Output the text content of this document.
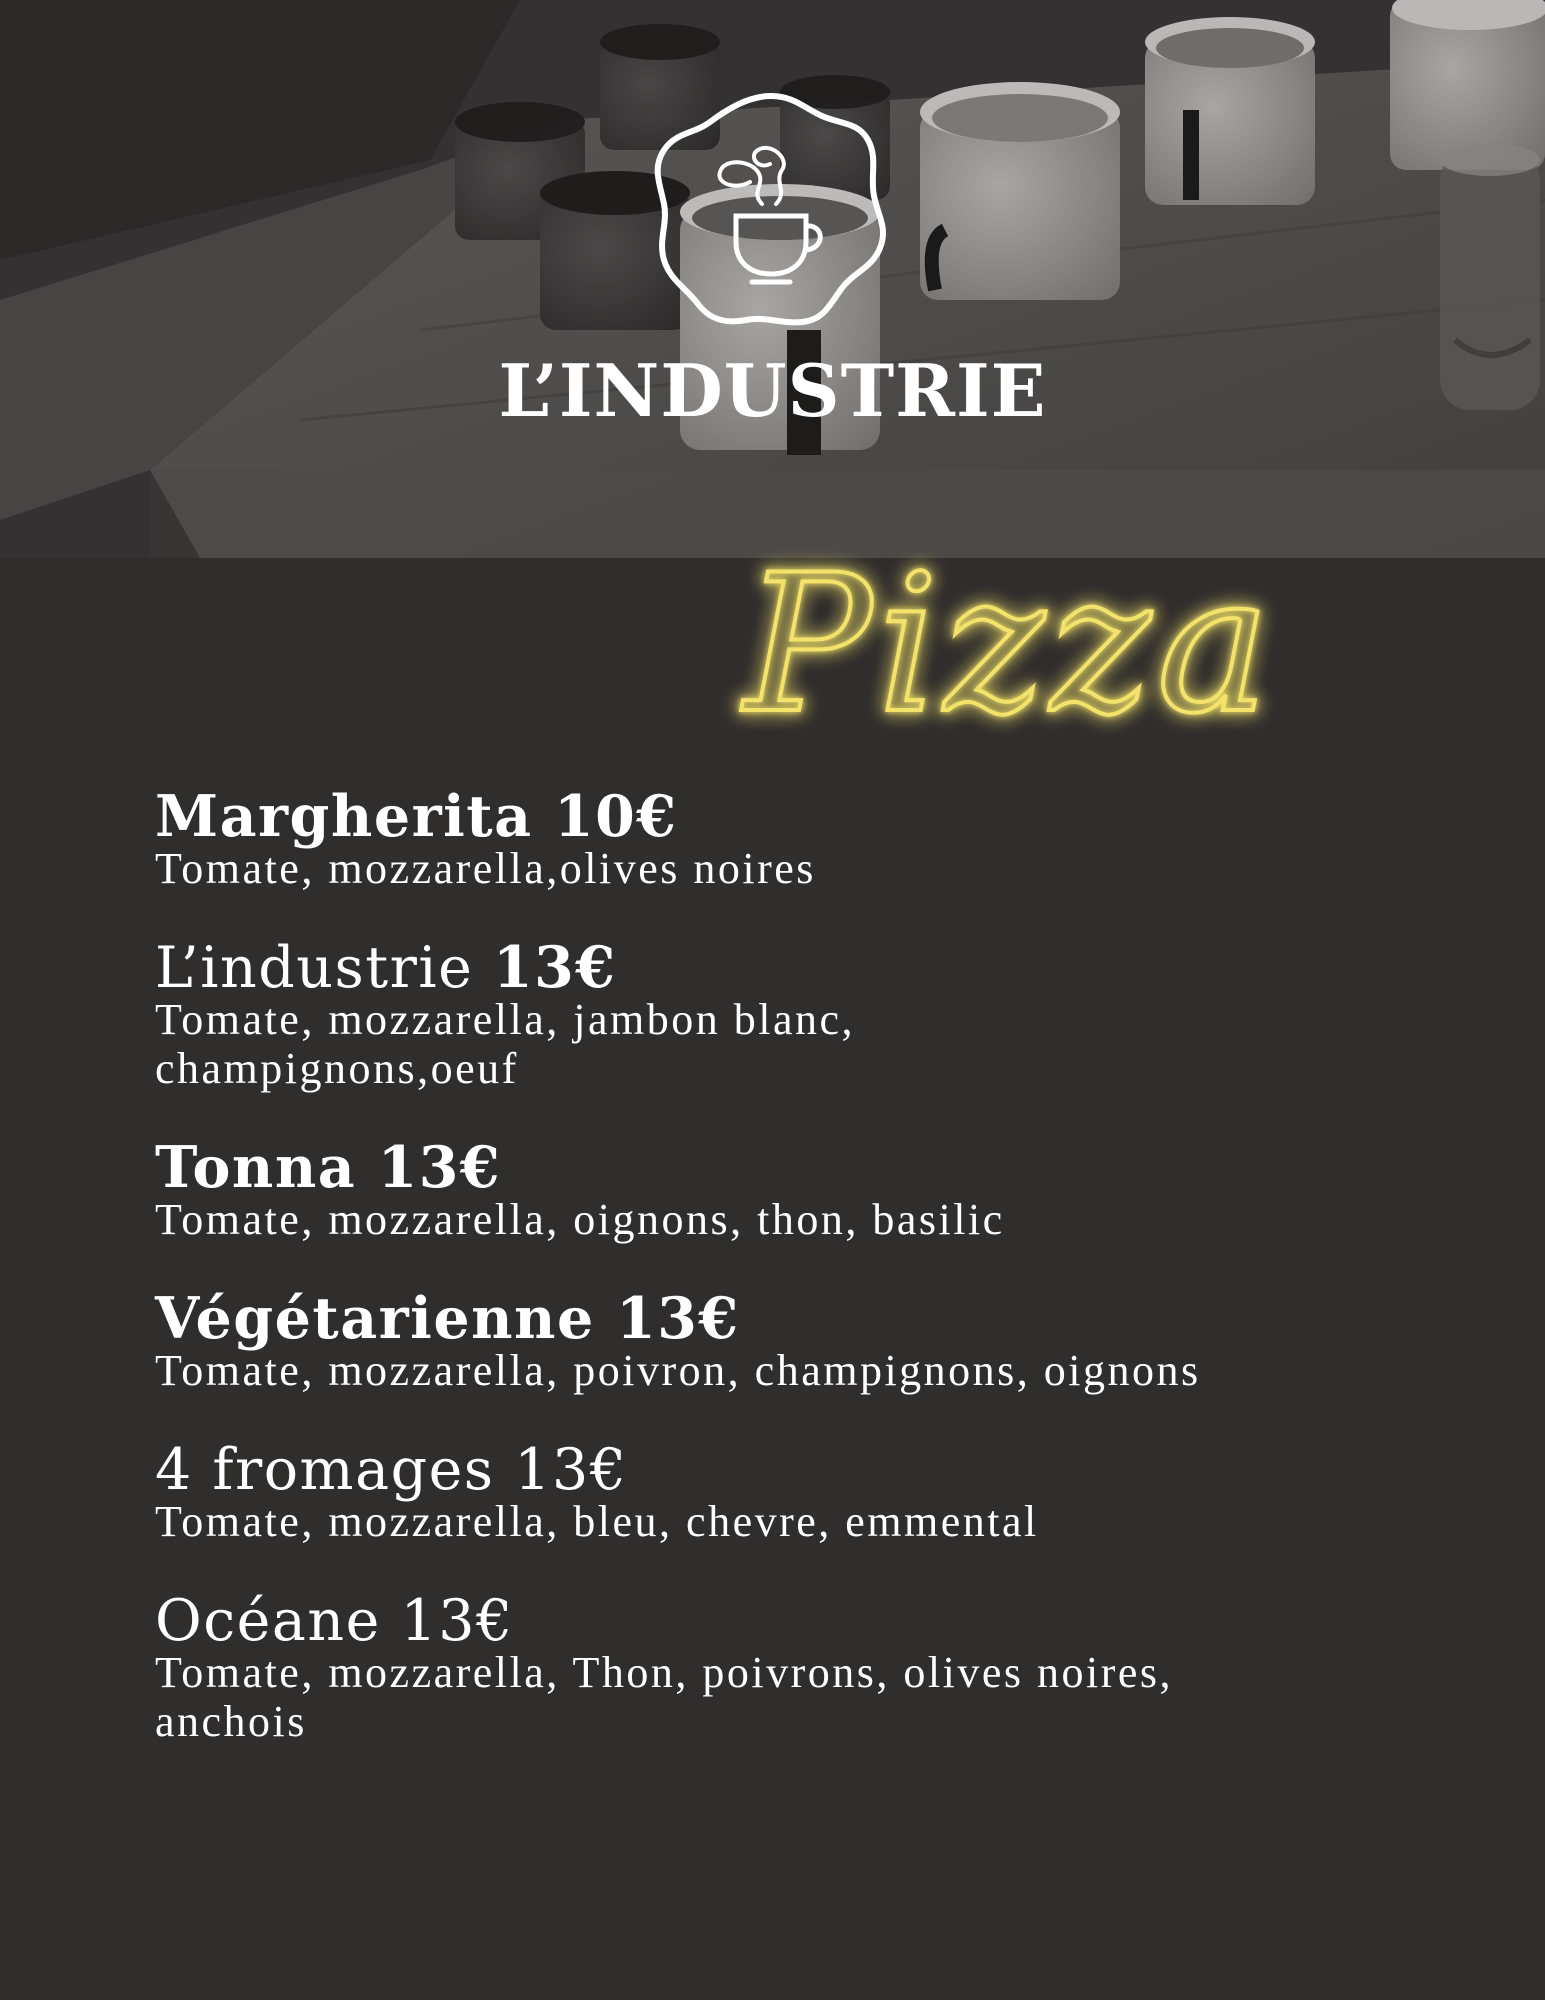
L’INDUSTRIE
Pizza
Margherita 10€
Tomate, mozzarella,olives noires
L’industrie 13€
Tomate, mozzarella, jambon blanc, champignons,oeuf
Tonna 13€
Tomate, mozzarella, oignons, thon, basilic
Végétarienne 13€
Tomate, mozzarella, poivron, champignons, oignons
4 fromages 13€
Tomate, mozzarella, bleu, chevre, emmental
Océane 13€
Tomate, mozzarella, Thon, poivrons, olives noires, anchois
